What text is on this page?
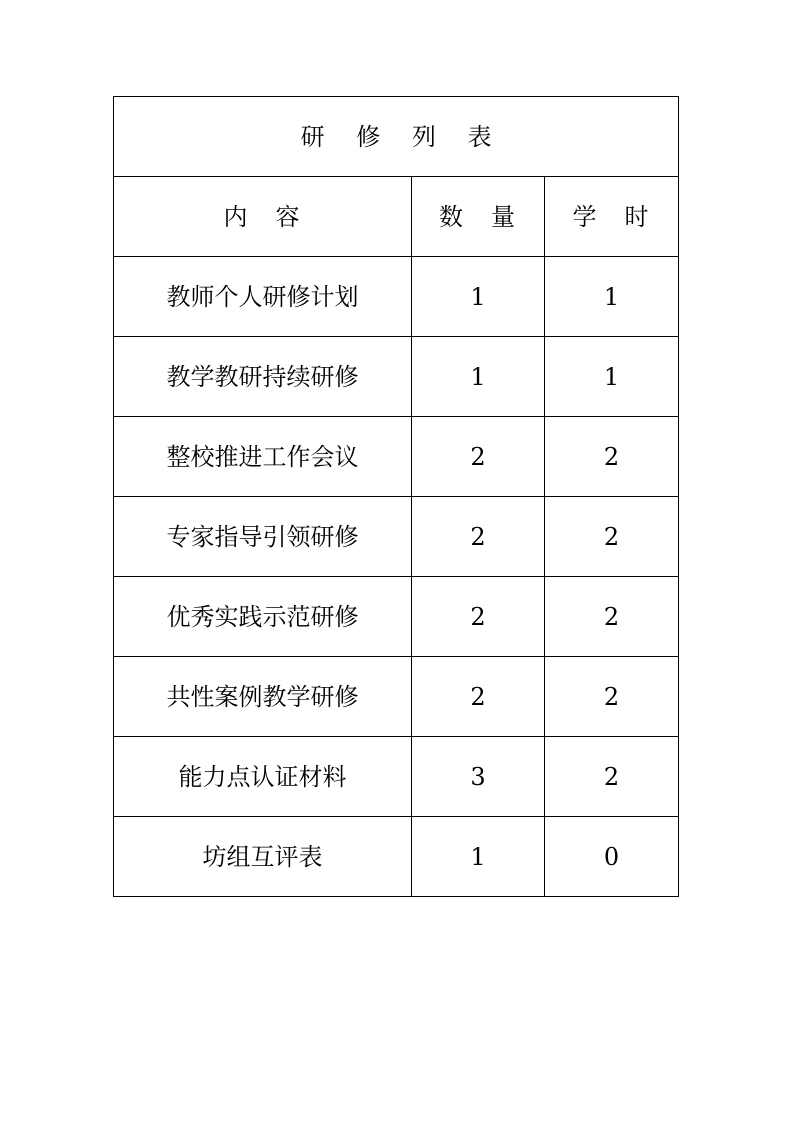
研 修 列 表		
内　容	数　量	学　时
教师个人研修计划	1	1
教学教研持续研修	1	1
整校推进工作会议	2	2
专家指导引领研修	2	2
优秀实践示范研修	2	2
共性案例教学研修	2	2
能力点认证材料	3	2
坊组互评表	1	0
